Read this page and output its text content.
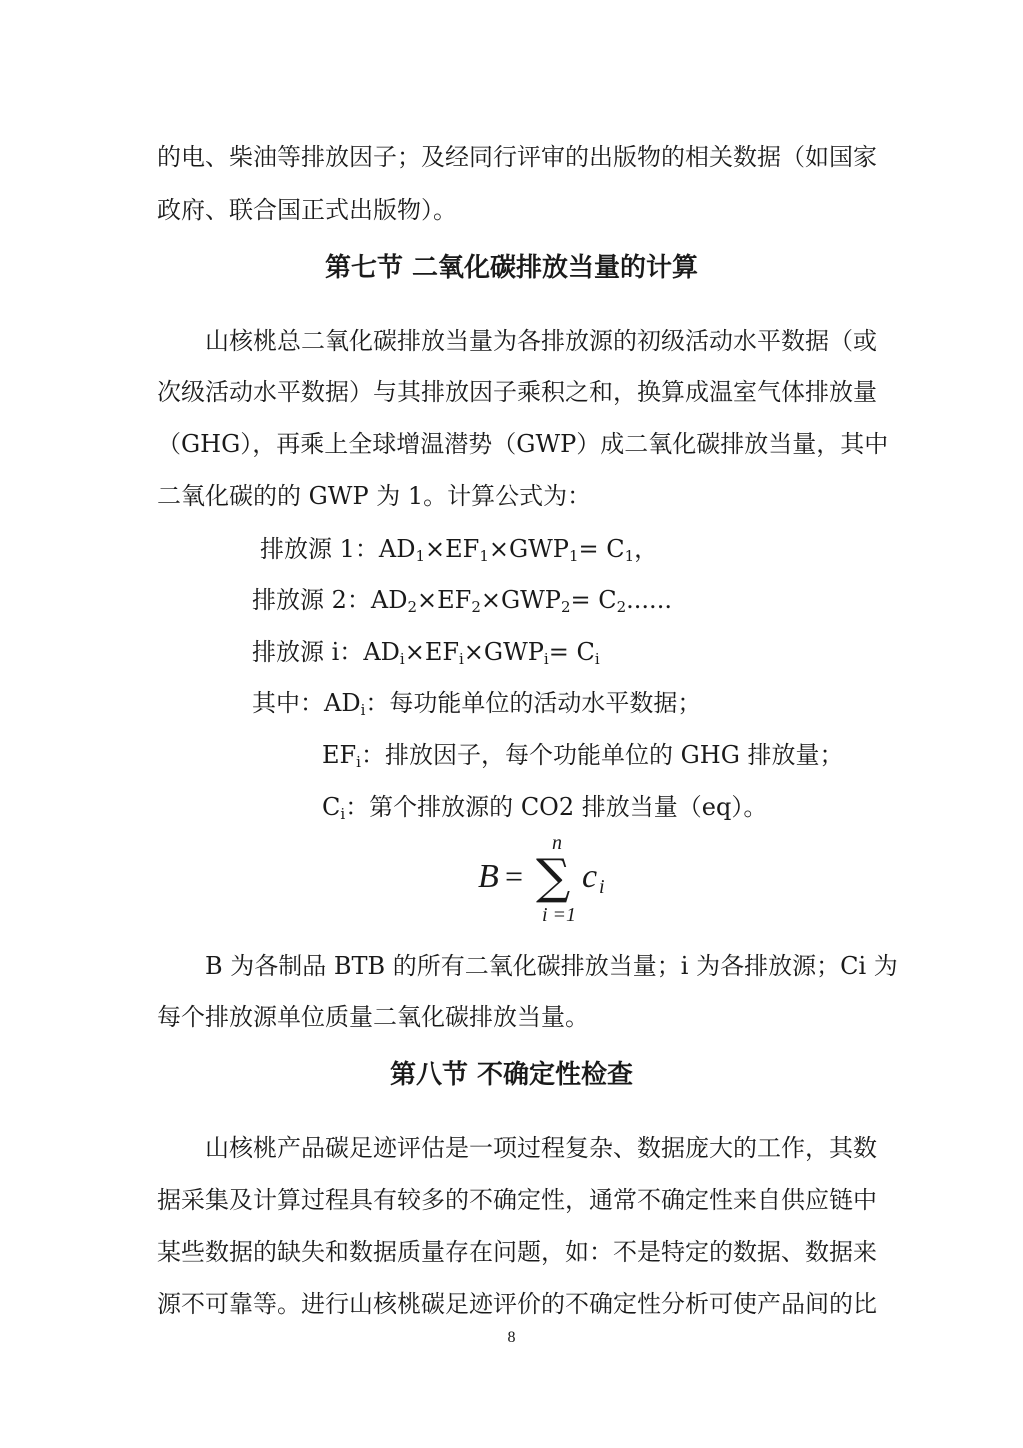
的电、柴油等排放因子；及经同行评审的出版物的相关数据（如国家
政府、联合国正式出版物）。
第七节 二氧化碳排放当量的计算
山核桃总二氧化碳排放当量为各排放源的初级活动水平数据（或
次级活动水平数据）与其排放因子乘积之和，换算成温室气体排放量
（GHG），再乘上全球增温潜势（GWP）成二氧化碳排放当量，其中
二氧化碳的的 GWP 为 1。计算公式为：
排放源 1：$AD_1\times EF_1\times GWP_1= C_1$，
排放源 2：$AD_2\times EF_2\times GWP_2= C_2$......
排放源 i：$AD_i\times EF_i\times GWP_i= C_i$
其中：$AD_i$：每功能单位的活动水平数据；
$EF_i$：排放因子，每个功能单位的 GHG 排放量；
$C_i$：第个排放源的 CO2 排放当量（eq）。
B = ∑
n
i =1
c i
B 为各制品 BTB 的所有二氧化碳排放当量；i 为各排放源；Ci 为
每个排放源单位质量二氧化碳排放当量。
第八节 不确定性检查
山核桃产品碳足迹评估是一项过程复杂、数据庞大的工作，其数
据采集及计算过程具有较多的不确定性，通常不确定性来自供应链中
某些数据的缺失和数据质量存在问题，如：不是特定的数据、数据来
源不可靠等。进行山核桃碳足迹评价的不确定性分析可使产品间的比
8
